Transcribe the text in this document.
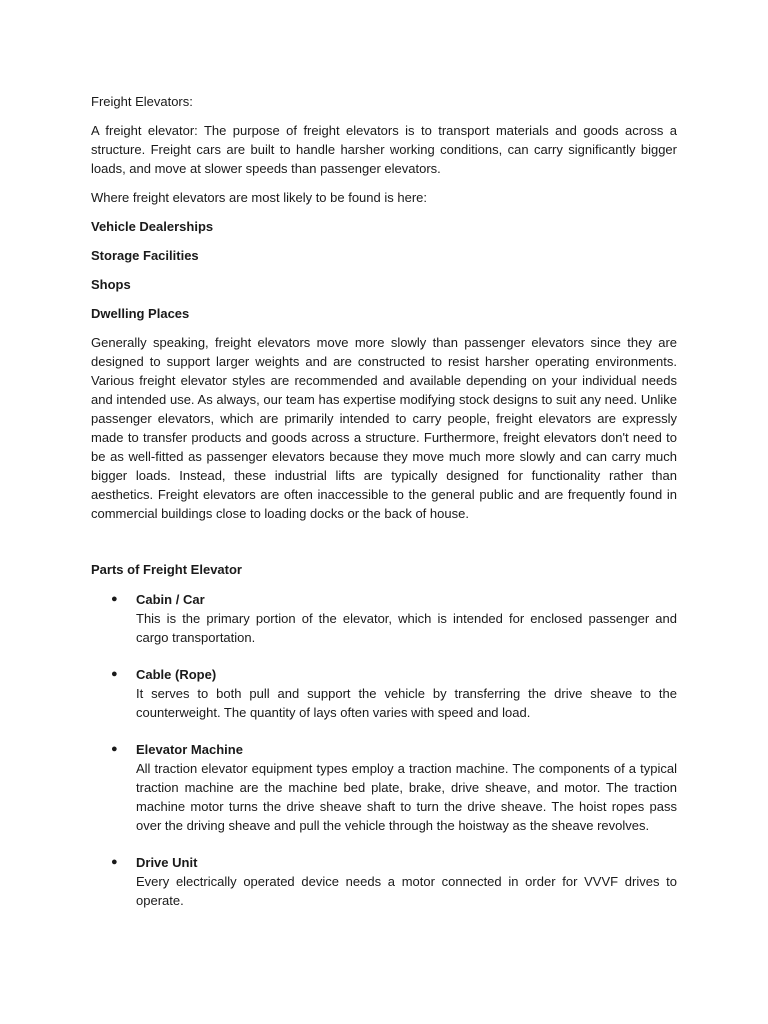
Freight Elevators:

A freight elevator: The purpose of freight elevators is to transport materials and goods across a structure. Freight cars are built to handle harsher working conditions, can carry significantly bigger loads, and move at slower speeds than passenger elevators.

Where freight elevators are most likely to be found is here:

Vehicle Dealerships

Storage Facilities

Shops

Dwelling Places

Generally speaking, freight elevators move more slowly than passenger elevators since they are designed to support larger weights and are constructed to resist harsher operating environments. Various freight elevator styles are recommended and available depending on your individual needs and intended use. As always, our team has expertise modifying stock designs to suit any need. Unlike passenger elevators, which are primarily intended to carry people, freight elevators are expressly made to transfer products and goods across a structure. Furthermore, freight elevators don't need to be as well-fitted as passenger elevators because they move much more slowly and can carry much bigger loads. Instead, these industrial lifts are typically designed for functionality rather than aesthetics. Freight elevators are often inaccessible to the general public and are frequently found in commercial buildings close to loading docks or the back of house.

Parts of Freight Elevator

● Cabin / Car
This is the primary portion of the elevator, which is intended for enclosed passenger and cargo transportation.
● Cable (Rope)
It serves to both pull and support the vehicle by transferring the drive sheave to the counterweight. The quantity of lays often varies with speed and load.
● Elevator Machine
All traction elevator equipment types employ a traction machine. The components of a typical traction machine are the machine bed plate, brake, drive sheave, and motor. The traction machine motor turns the drive sheave shaft to turn the drive sheave. The hoist ropes pass over the driving sheave and pull the vehicle through the hoistway as the sheave revolves.
● Drive Unit
Every electrically operated device needs a motor connected in order for VVVF drives to operate.
